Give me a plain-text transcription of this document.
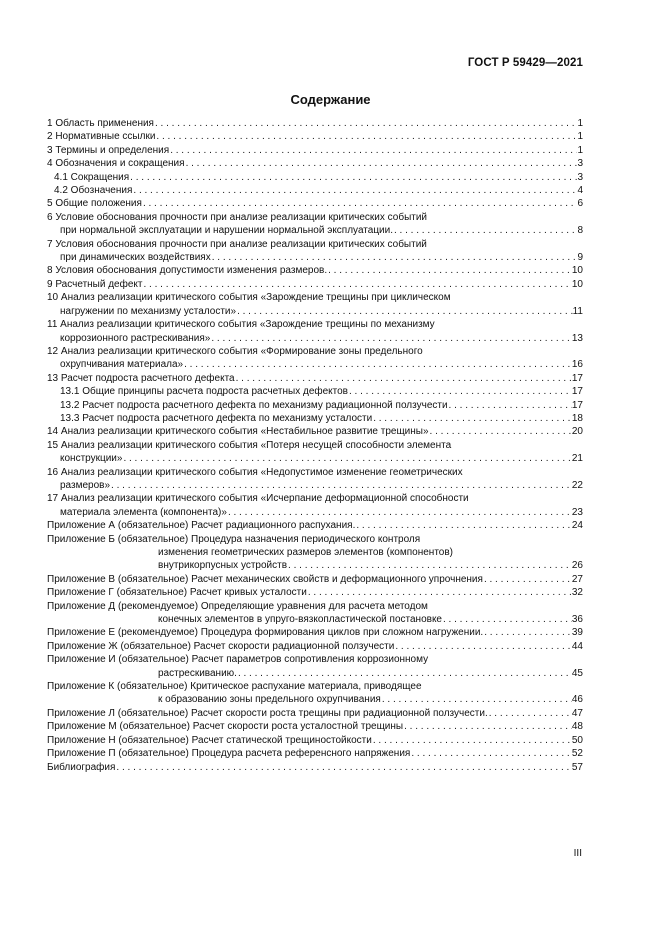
ГОСТ Р 59429—2021
Содержание
1 Область применения . . .	1
2 Нормативные ссылки . . .	1
3 Термины и определения . . .	1
4 Обозначения и сокращения . . .	3
4.1 Сокращения . . .	3
4.2 Обозначения . . .	4
5 Общие положения . . .	6
6 Условие обоснования прочности при анализе реализации критических событий
при нормальной эксплуатации и нарушении нормальной эксплуатации. . . .	8
7 Условия обоснования прочности при анализе реализации критических событий
при динамических воздействиях . . .	9
8 Условия обоснования допустимости изменения размеров. . . .	10
9 Расчетный дефект . . .	10
10 Анализ реализации критического события «Зарождение трещины при циклическом
нагружении по механизму усталости» . . .	11
11 Анализ реализации критического события «Зарождение трещины по механизму
коррозионного растрескивания» . . .	13
12 Анализ реализации критического события «Формирование зоны предельного
охрупчивания материала» . . .	16
13 Расчет подроста расчетного дефекта . . .	17
13.1 Общие принципы расчета подроста расчетных дефектов . . .	17
13.2 Расчет подроста расчетного дефекта по механизму радиационной ползучести . . .	17
13.3 Расчет подроста расчетного дефекта по механизму усталости . . .	18
14 Анализ реализации критического события «Нестабильное развитие трещины» . . .	20
15 Анализ реализации критического события «Потеря несущей способности элемента
конструкции» . . .	21
16 Анализ реализации критического события «Недопустимое изменение геометрических
размеров» . . .	22
17 Анализ реализации критического события «Исчерпание деформационной способности
материала элемента (компонента)» . . .	23
Приложение А (обязательное) Расчет радиационного распухания. . . .	24
Приложение Б (обязательное) Процедура назначения периодического контроля
изменения геометрических размеров элементов (компонентов)
внутрикорпусных устройств . . .	26
Приложение В (обязательное) Расчет механических свойств и деформационного упрочнения . . .	27
Приложение Г (обязательное) Расчет кривых усталости . . .	32
Приложение Д (рекомендуемое) Определяющие уравнения для расчета методом
конечных элементов в упруго-вязкопластической постановке . . .	36
Приложение Е (рекомендуемое) Процедура формирования циклов при сложном нагружении. . . .	39
Приложение Ж (обязательное) Расчет скорости радиационной ползучести . . .	44
Приложение И (обязательное) Расчет параметров сопротивления коррозионному
растрескиванию. . . .	45
Приложение К (обязательное) Критическое распухание материала, приводящее
к образованию зоны предельного охрупчивания . . .	46
Приложение Л (обязательное) Расчет скорости роста трещины при радиационной ползучести. . . .	47
Приложение М (обязательное) Расчет скорости роста усталостной трещины . . .	48
Приложение Н (обязательное) Расчет статической трещиностойкости . . .	50
Приложение П (обязательное) Процедура расчета референсного напряжения . . .	52
Библиография . . .	57
III
